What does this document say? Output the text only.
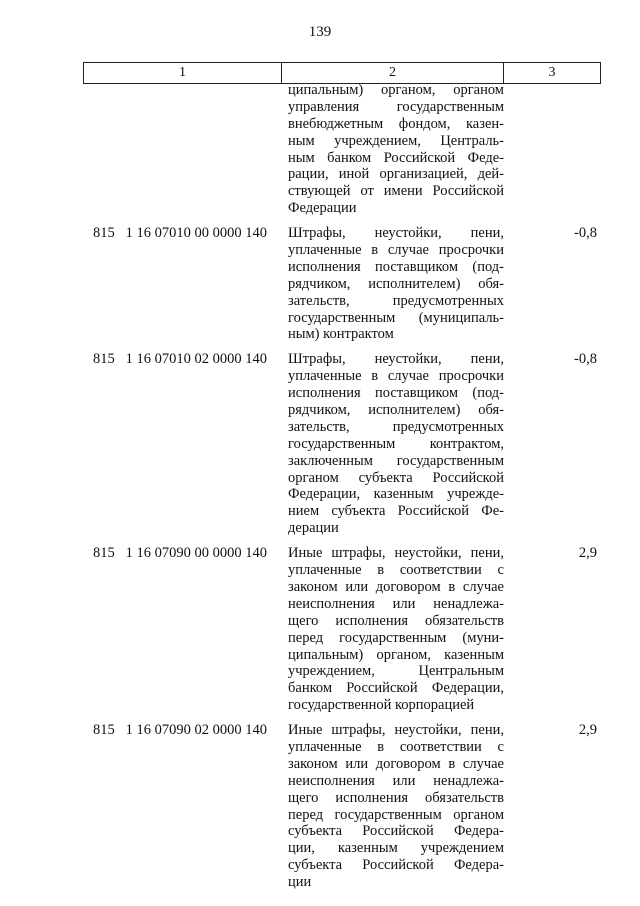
139
1	2	3
ципальным) органом, органом
управления государственным
внебюджетным фондом, казен-
ным учреждением, Централь-
ным банком Российской Феде-
рации, иной организацией, дей-
ствующей от имени Российской
Федерации
815   1 16 07010 00 0000 140	Штрафы, неустойки, пени,
уплаченные в случае просрочки
исполнения поставщиком (под-
рядчиком, исполнителем) обя-
зательств, предусмотренных
государственным (муниципаль-
ным) контрактом
-0,8
815   1 16 07010 02 0000 140	Штрафы, неустойки, пени,
уплаченные в случае просрочки
исполнения поставщиком (под-
рядчиком, исполнителем) обя-
зательств, предусмотренных
государственным контрактом,
заключенным государственным
органом субъекта Российской
Федерации, казенным учрежде-
нием субъекта Российской Фе-
дерации
-0,8
815   1 16 07090 00 0000 140	Иные штрафы, неустойки, пени,
уплаченные в соответствии с
законом или договором в случае
неисполнения или ненадлежа-
щего исполнения обязательств
перед государственным (муни-
ципальным) органом, казенным
учреждением, Центральным
банком Российской Федерации,
государственной корпорацией
2,9
815   1 16 07090 02 0000 140	Иные штрафы, неустойки, пени,
уплаченные в соответствии с
законом или договором в случае
неисполнения или ненадлежа-
щего исполнения обязательств
перед государственным органом
субъекта Российской Федера-
ции, казенным учреждением
субъекта Российской Федера-
ции
2,9
